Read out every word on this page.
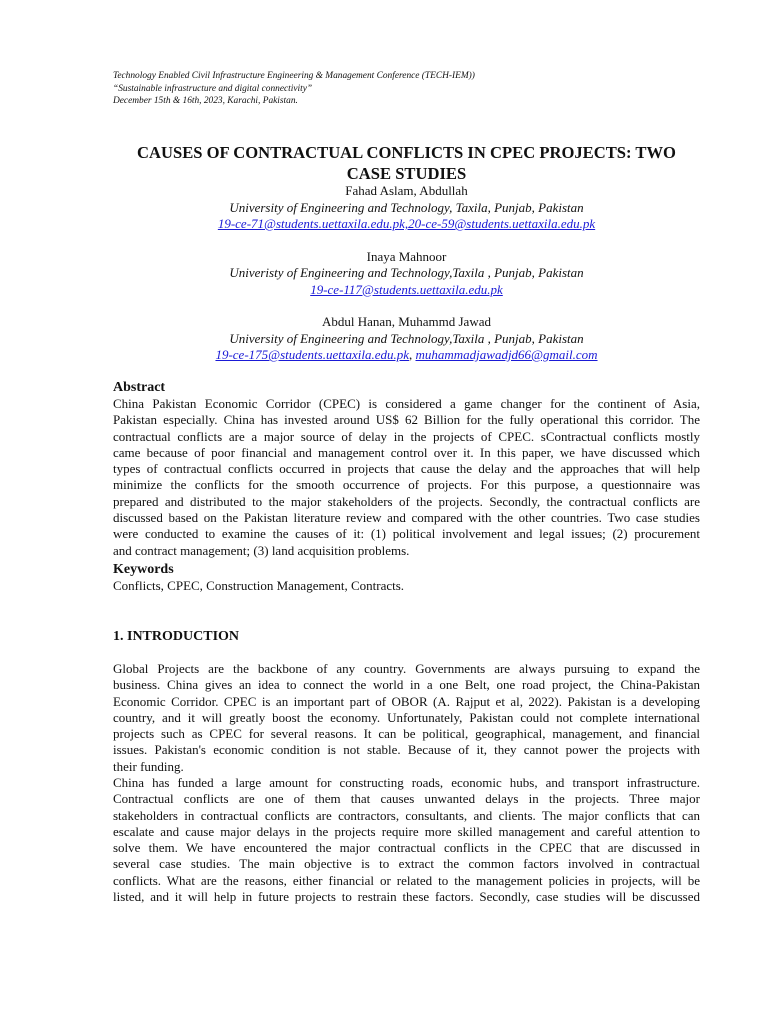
Technology Enabled Civil Infrastructure Engineering & Management Conference (TECH-IEM))
“Sustainable infrastructure and digital connectivity”
December 15th & 16th, 2023, Karachi, Pakistan.
CAUSES OF CONTRACTUAL CONFLICTS IN CPEC PROJECTS: TWO
CASE STUDIES
Fahad Aslam, Abdullah
University of Engineering and Technology, Taxila, Punjab, Pakistan
19-ce-71@students.uettaxila.edu.pk,20-ce-59@students.uettaxila.edu.pk
Inaya Mahnoor
Univeristy of Engineering and Technology,Taxila , Punjab, Pakistan
19-ce-117@students.uettaxila.edu.pk
Abdul Hanan, Muhammd Jawad
University of Engineering and Technology,Taxila , Punjab, Pakistan
19-ce-175@students.uettaxila.edu.pk, muhammadjawadjd66@gmail.com
Abstract
China Pakistan Economic Corridor (CPEC) is considered a game changer for the continent of Asia,
Pakistan especially. China has invested around US$ 62 Billion for the fully operational this corridor. The
contractual conflicts are a major source of delay in the projects of CPEC. sContractual conflicts mostly
came because of poor financial and management control over it. In this paper, we have discussed which
types of contractual conflicts occurred in projects that cause the delay and the approaches that will help
minimize the conflicts for the smooth occurrence of projects. For this purpose, a questionnaire was
prepared and distributed to the major stakeholders of the projects. Secondly, the contractual conflicts are
discussed based on the Pakistan literature review and compared with the other countries. Two case studies
were conducted to examine the causes of it: (1) political involvement and legal issues; (2) procurement
and contract management; (3) land acquisition problems.
Keywords
Conflicts, CPEC, Construction Management, Contracts.
1. INTRODUCTION
Global Projects are the backbone of any country. Governments are always pursuing to expand the
business. China gives an idea to connect the world in a one Belt, one road project, the China-Pakistan
Economic Corridor. CPEC is an important part of OBOR (A. Rajput et al, 2022). Pakistan is a developing
country, and it will greatly boost the economy. Unfortunately, Pakistan could not complete international
projects such as CPEC for several reasons. It can be political, geographical, management, and financial
issues. Pakistan's economic condition is not stable. Because of it, they cannot power the projects with
their funding.
China has funded a large amount for constructing roads, economic hubs, and transport infrastructure.
Contractual conflicts are one of them that causes unwanted delays in the projects. Three major
stakeholders in contractual conflicts are contractors, consultants, and clients. The major conflicts that can
escalate and cause major delays in the projects require more skilled management and careful attention to
solve them. We have encountered the major contractual conflicts in the CPEC that are discussed in
several case studies. The main objective is to extract the common factors involved in contractual
conflicts. What are the reasons, either financial or related to the management policies in projects, will be
listed, and it will help in future projects to restrain these factors. Secondly, case studies will be discussed
